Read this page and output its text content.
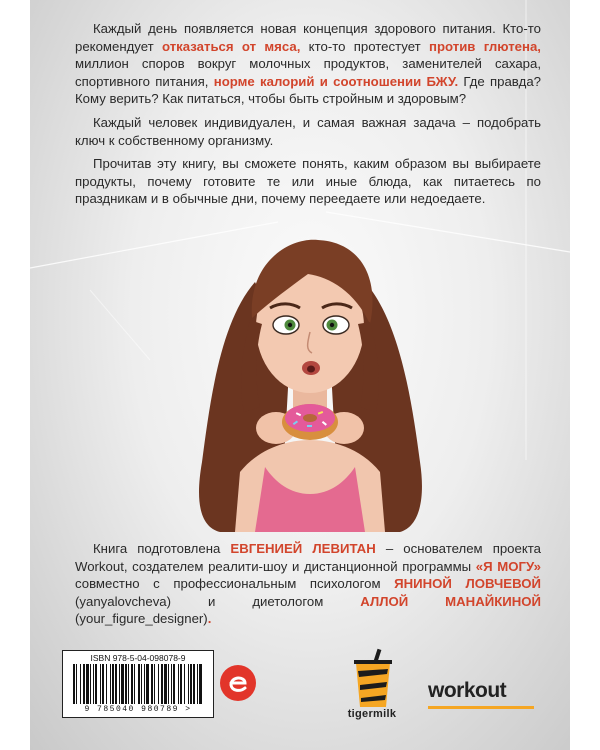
Каждый день появляется новая концепция здорового питания. Кто-то рекомендует отказаться от мяса, кто-то протестует против глютена, миллион споров вокруг молочных продуктов, заменителей сахара, спортивного питания, норме калорий и соотношении БЖУ. Где правда? Кому верить? Как питаться, чтобы быть стройным и здоровым?

Каждый человек индивидуален, и самая важная задача – подобрать ключ к собственному организму.

Прочитав эту книгу, вы сможете понять, каким образом вы выбираете продукты, почему готовите те или иные блюда, как питаетесь по праздникам и в обычные дни, почему переедаете или недоедаете.

Книга подготовлена ЕВГЕНИЕЙ ЛЕВИТАН – основателем проекта Workout, создателем реалити-шоу и дистанционной программы «Я МОГУ» совместно с профессиональным психологом ЯНИНОЙ ЛОВЧЕВОЙ (yanyalovcheva) и диетологом АЛЛОЙ МАНАЙКИНОЙ (your_figure_designer).

ISBN 978-5-04-098078-9
9 785040 980789 >	tigermilk
workout
